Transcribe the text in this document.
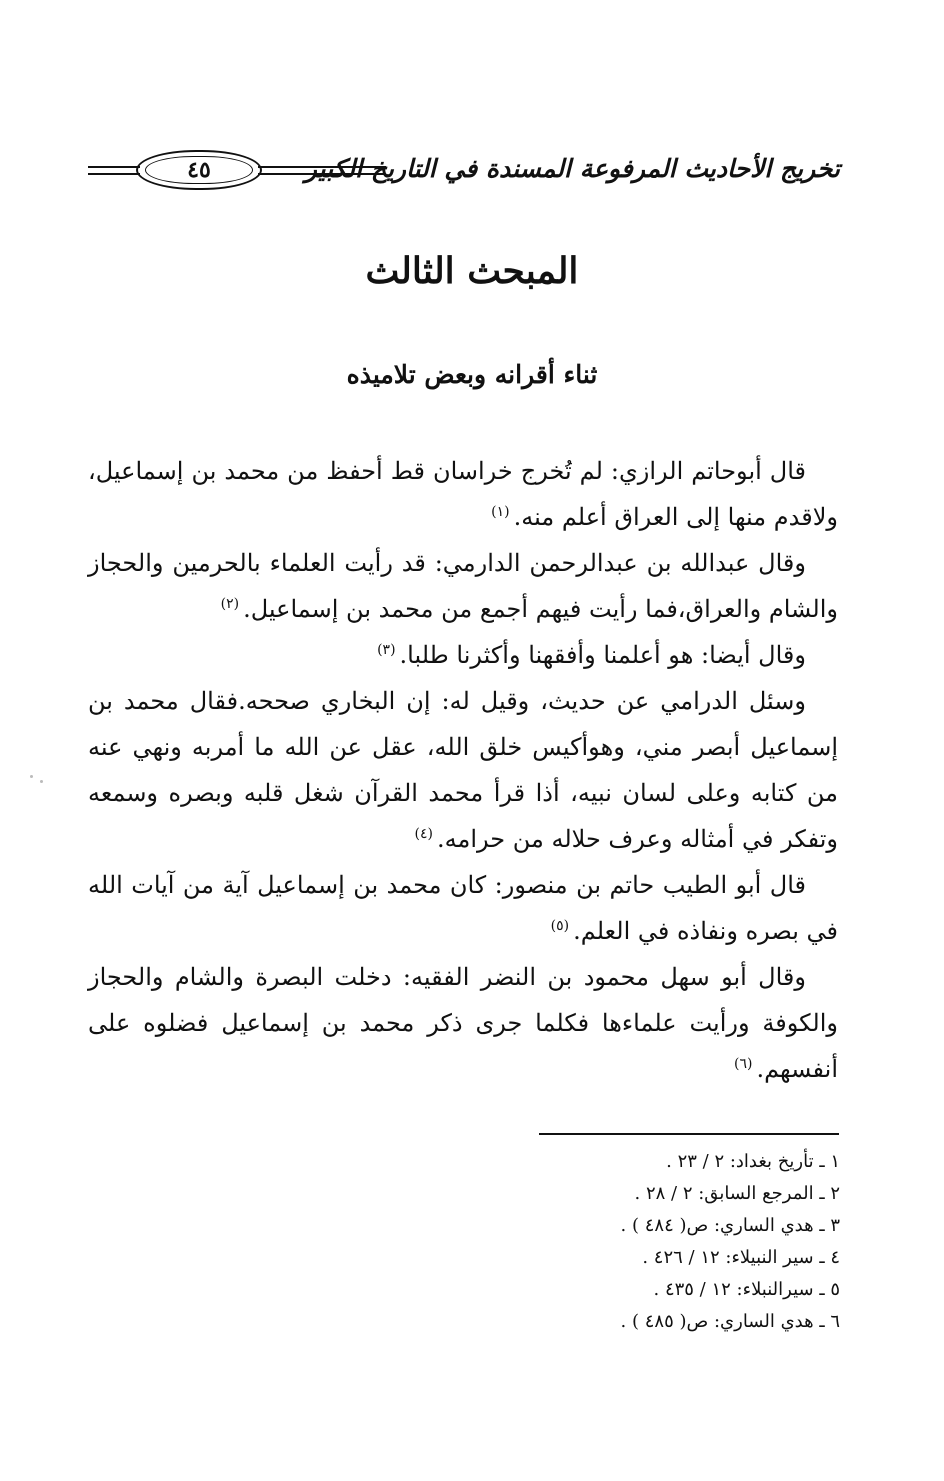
٤٥	تخريج الأحاديث المرفوعة المسندة في التاريخ الكبير
المبحث الثالث
ثناء أقرانه وبعض تلاميذه

قال أبوحاتم الرازي: لم تُخرج خراسان قط أحفظ من محمد بن إسماعيل، ولاقدم منها إلى العراق أعلم منه.$^{(١)}$

وقال عبدالله بن عبدالرحمن الدارمي: قد رأيت العلماء بالحرمين والحجاز والشام والعراق،فما رأيت فيهم أجمع من محمد بن إسماعيل.$^{(٢)}$

وقال أيضا: هو أعلمنا وأفقهنا وأكثرنا طلبا.$^{(٣)}$

وسئل الدرامي عن حديث، وقيل له: إن البخاري صححه.فقال محمد بن إسماعيل أبصر مني، وهوأكيس خلق الله، عقل عن الله ما أمربه ونهي عنه من كتابه وعلى لسان نبيه، أذا قرأ محمد القرآن شغل قلبه وبصره وسمعه وتفكر في أمثاله وعرف حلاله من حرامه.$^{(٤)}$

قال أبو الطيب حاتم بن منصور: كان محمد بن إسماعيل آية من آيات الله في بصره ونفاذه في العلم.$^{(٥)}$

وقال أبو سهل محمود بن النضر الفقيه: دخلت البصرة والشام والحجاز والكوفة ورأيت علماءها فكلما جرى ذكر محمد بن إسماعيل فضلوه على أنفسهم.$^{(٦)}$

١ ـ تأريخ بغداد: ٢ / ٢٣ .
٢ ـ المرجع السابق: ٢ / ٢٨ .
٣ ـ هدي الساري: ص( ٤٨٤ ) .
٤ ـ سير النبيلاء: ١٢ / ٤٢٦ .
٥ ـ سيرالنبلاء: ١٢ / ٤٣٥ .
٦ ـ هدي الساري: ص( ٤٨٥ ) .
